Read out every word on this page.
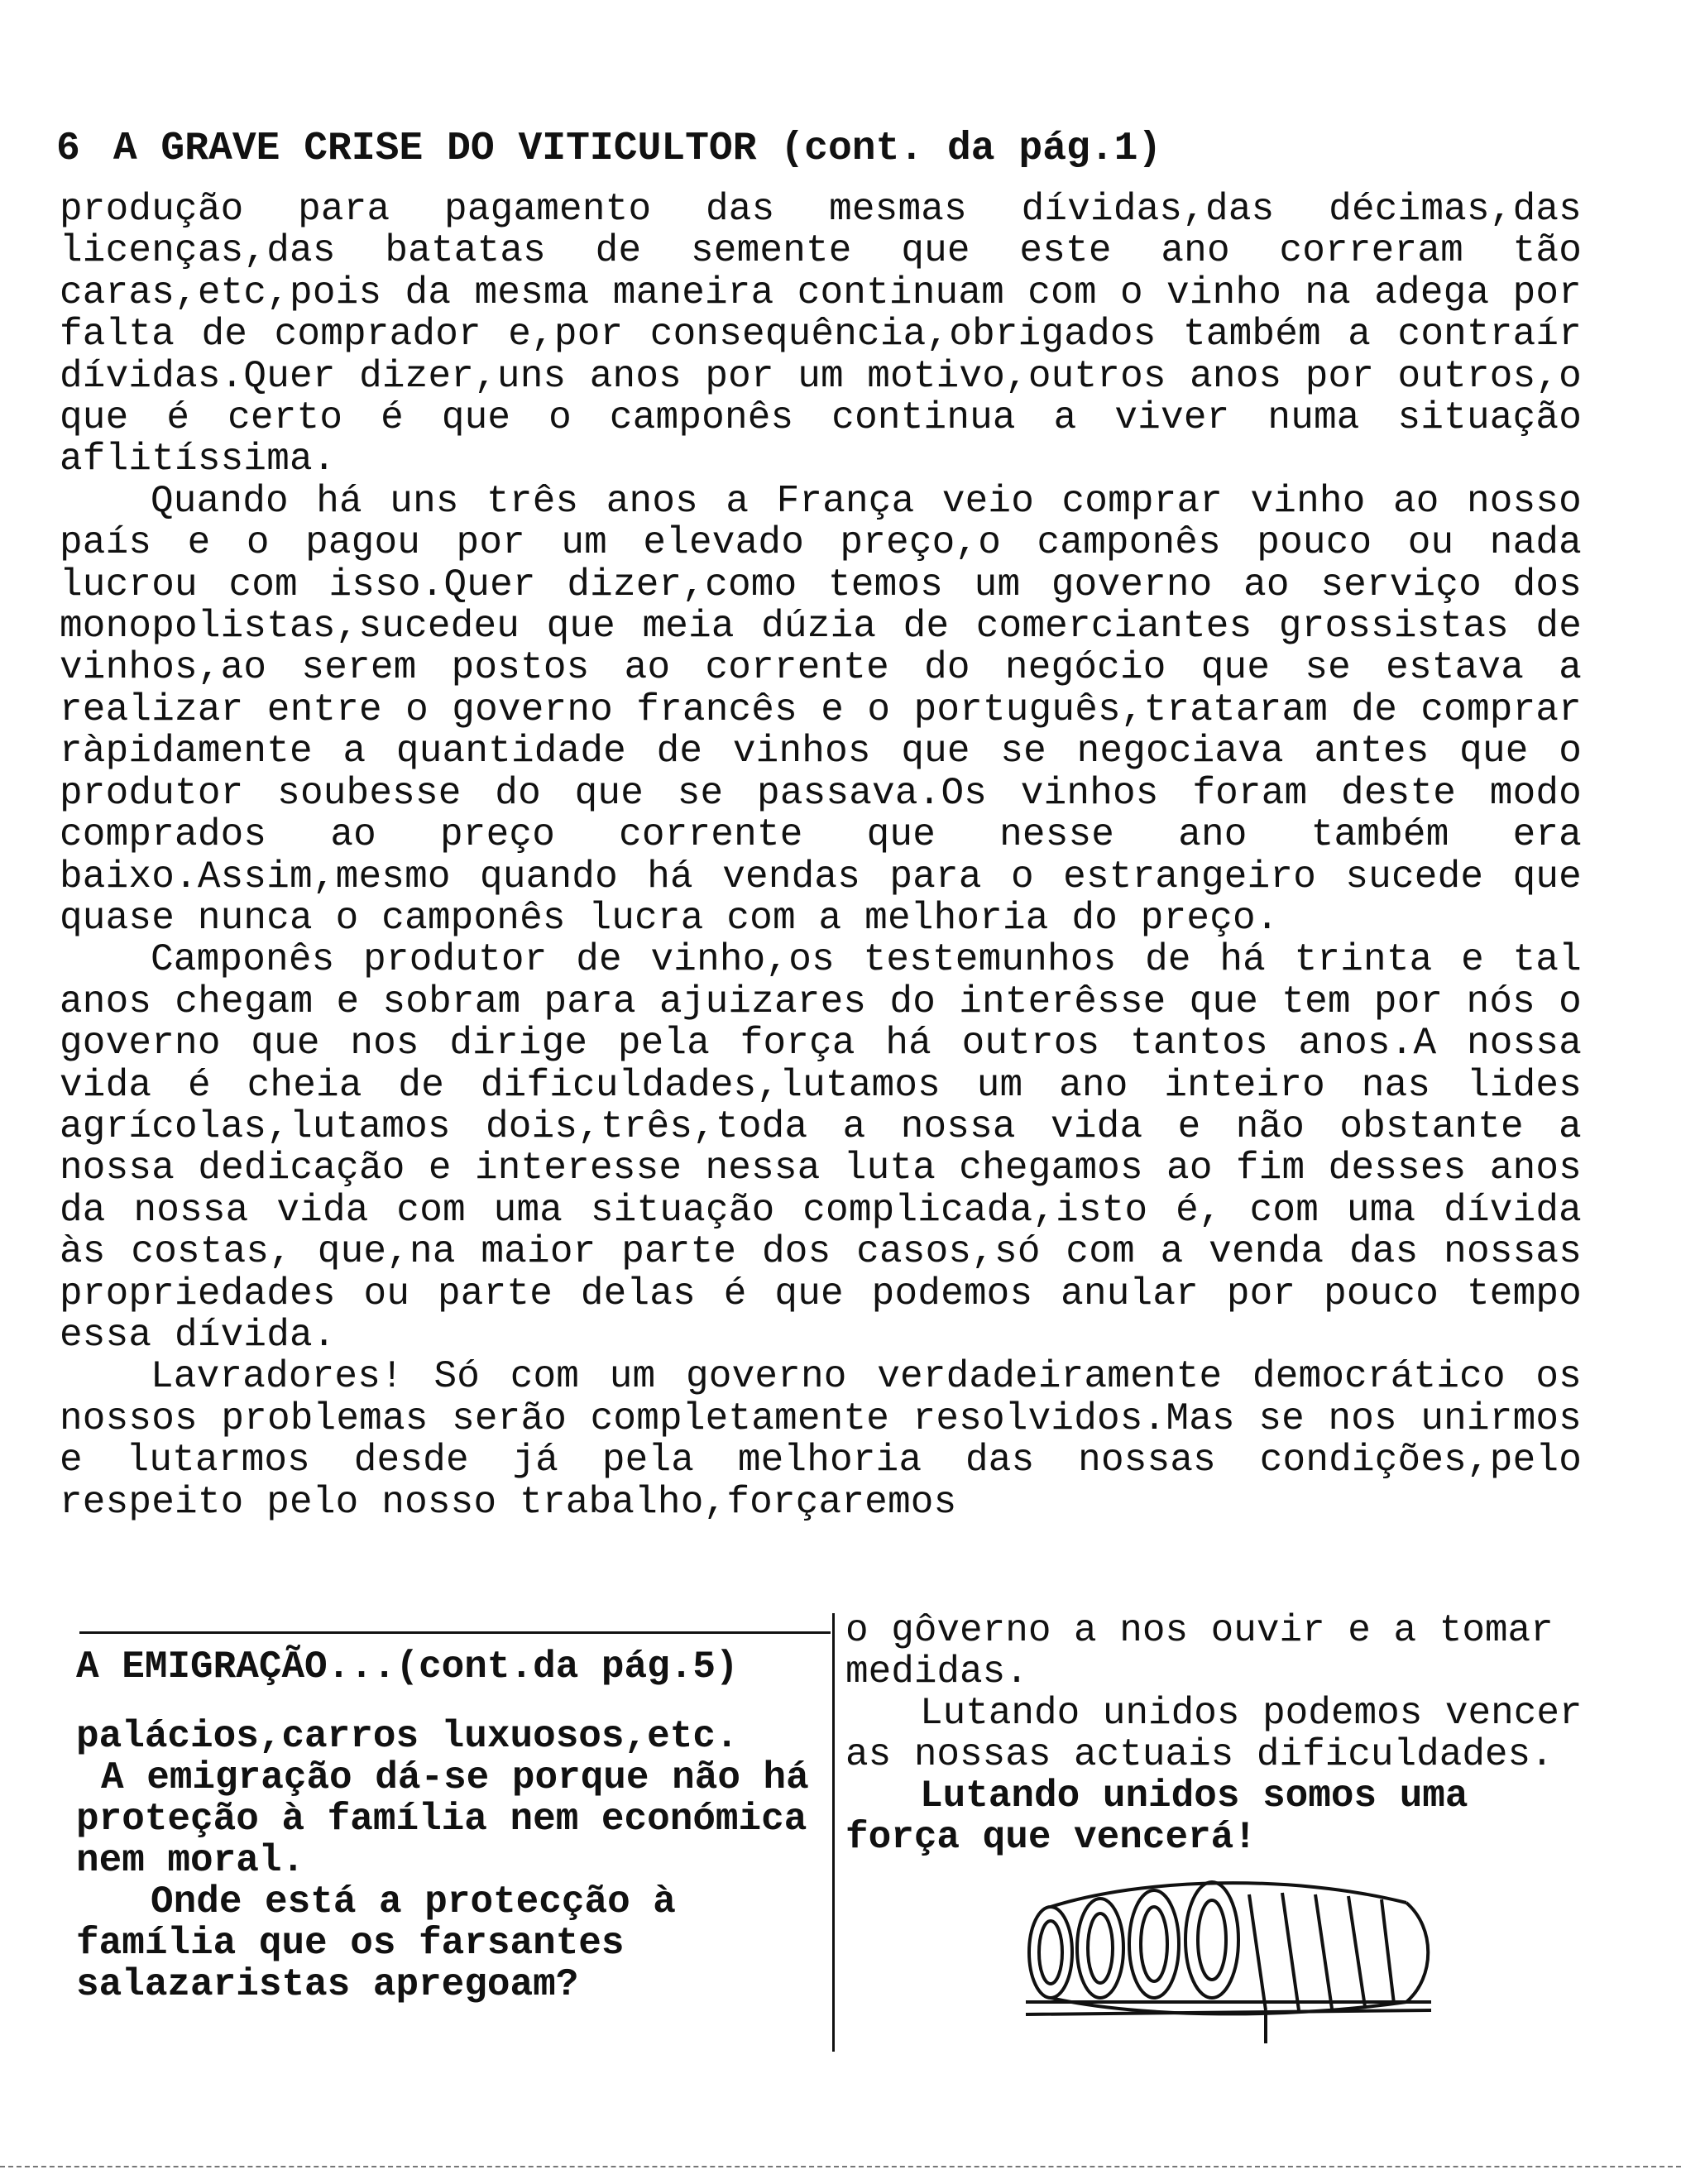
6 A GRAVE CRISE DO VITICULTOR (cont. da pág.1)

produção para pagamento das mesmas dívidas,das décimas,das licenças,das batatas de semente que este ano correram tão caras,etc,pois da mesma maneira continuam com o vinho na adega por falta de comprador e,por consequência,obrigados também a contraír dívidas.Quer dizer,uns anos por um motivo,outros anos por outros,o que é certo é que o camponês continua a viver numa situação aflitíssima.

Quando há uns três anos a França veio comprar vinho ao nosso país e o pagou por um elevado preço,o camponês pouco ou nada lucrou com isso.Quer dizer,como temos um governo ao serviço dos monopolistas,sucedeu que meia dúzia de comerciantes grossistas de vinhos,ao serem postos ao corrente do negócio que se estava a realizar entre o governo francês e o português,trataram de comprar ràpidamente a quantidade de vinhos que se negociava antes que o produtor soubesse do que se passava.Os vinhos foram deste modo comprados ao preço corrente que nesse ano também era baixo.Assim,mesmo quando há vendas para o estrangeiro sucede que quase nunca o camponês lucra com a melhoria do preço.

Camponês produtor de vinho,os testemunhos de há trinta e tal anos chegam e sobram para ajuizares do interêsse que tem por nós o governo que nos dirige pela força há outros tantos anos.A nossa vida é cheia de dificuldades,lutamos um ano inteiro nas lides agrícolas,lutamos dois,três,toda a nossa vida e não obstante a nossa dedicação e interesse nessa luta chegamos ao fim desses anos da nossa vida com uma situação complicada,isto é, com uma dívida às costas, que,na maior parte dos casos,só com a venda das nossas propriedades ou parte delas é que podemos anular por pouco tempo essa dívida.

Lavradores! Só com um governo verdadeiramente democrático os nossos problemas serão completamente resolvidos.Mas se nos unirmos e lutarmos desde já pela melhoria das nossas condições,pelo respeito pelo nosso trabalho,forçaremos

A EMIGRAÇÃO...(cont.da pág.5)

palácios,carros luxuosos,etc.

A emigração dá-se porque não há proteção à família nem económica nem moral.

Onde está a protecção à família que os farsantes salazaristas apregoam?

o gôverno a nos ouvir e a tomar medidas.

Lutando unidos podemos vencer as nossas actuais dificuldades.

Lutando unidos somos uma força que vencerá!
